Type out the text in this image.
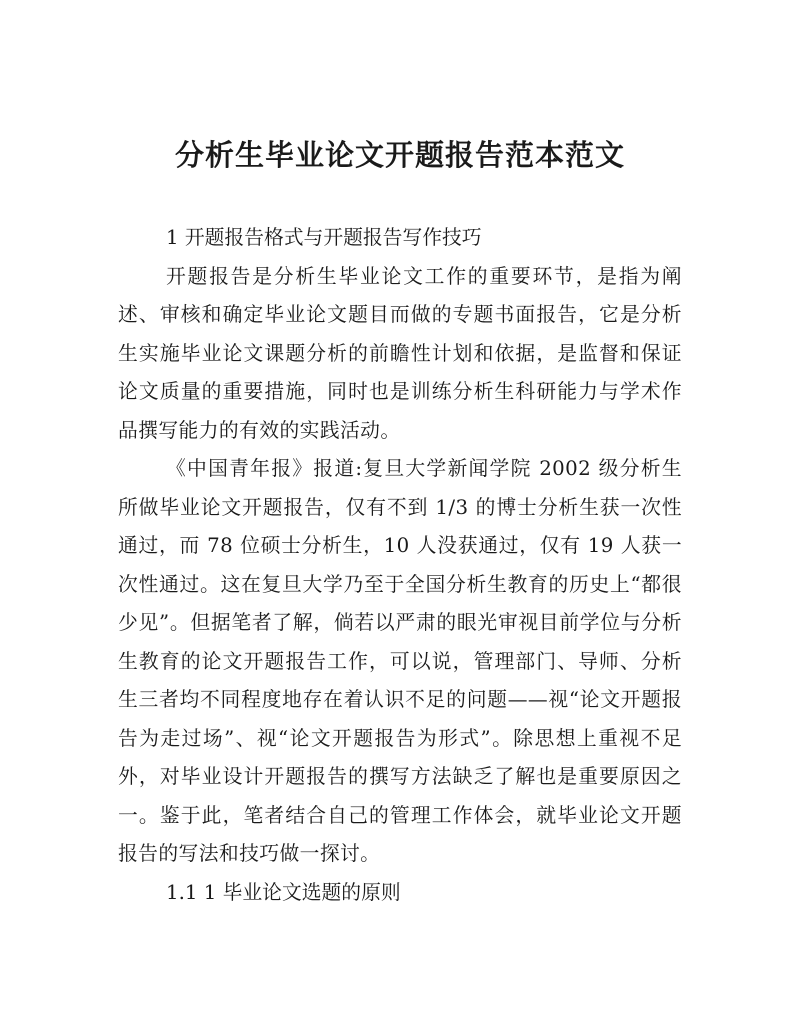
分析生毕业论文开题报告范本范文

1 开题报告格式与开题报告写作技巧

开题报告是分析生毕业论文工作的重要环节，是指为阐述、审核和确定毕业论文题目而做的专题书面报告，它是分析生实施毕业论文课题分析的前瞻性计划和依据，是监督和保证论文质量的重要措施，同时也是训练分析生科研能力与学术作品撰写能力的有效的实践活动。

《中国青年报》报道:复旦大学新闻学院 2002 级分析生所做毕业论文开题报告，仅有不到 1/3 的博士分析生获一次性通过，而 78 位硕士分析生，10 人没获通过，仅有 19 人获一次性通过。这在复旦大学乃至于全国分析生教育的历史上“都很少见”。但据笔者了解，倘若以严肃的眼光审视目前学位与分析生教育的论文开题报告工作，可以说，管理部门、导师、分析生三者均不同程度地存在着认识不足的问题——视“论文开题报告为走过场”、视“论文开题报告为形式”。除思想上重视不足外，对毕业设计开题报告的撰写方法缺乏了解也是重要原因之一。鉴于此，笔者结合自己的管理工作体会，就毕业论文开题报告的写法和技巧做一探讨。

1.1 1 毕业论文选题的原则
